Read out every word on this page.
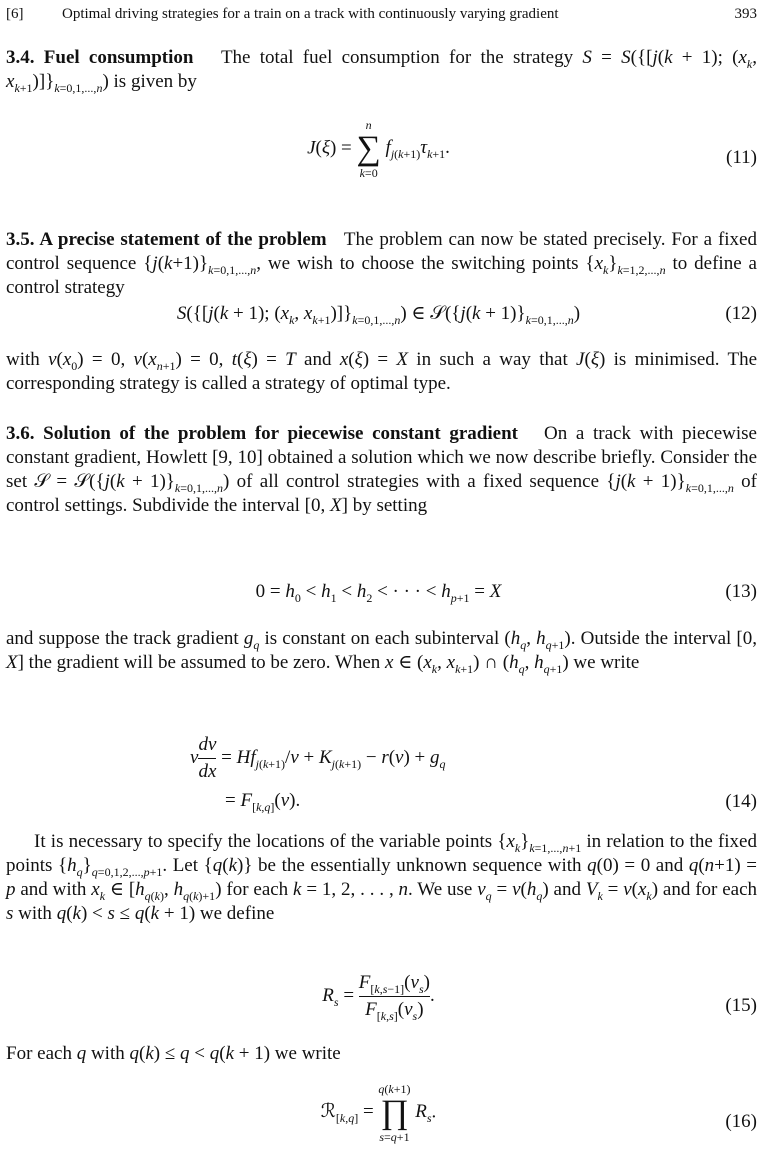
[6]	Optimal driving strategies for a train on a track with continuously varying gradient	393
3.4. Fuel consumption The total fuel consumption for the strategy S = S({[j(k + 1); ($x_k$, $x_{k+1})]\}_{k=0,1,...,n}$) is given by
J(ξ) =
n
∑
k=0
$f_{j(k+1)}\tau_{k+1}$.	(11)
3.5. A precise statement of the problem The problem can now be stated precisely. For a fixed control sequence $\{j(k+1)\}_{k=0,1,...,n}$, we wish to choose the switching points $\{x_k\}_{k=1,2,...,n}$ to define a control strategy
S({[j(k + 1); ($x_k$, $x_{k+1})]\}_{k=0,1,...,n}$) ∈ 𝒮({j(k + $1)\}_{k=0,1,...,n}$)	(12)
with $v(x_0) = 0$, $v(x_{n+1}) = 0$, t(ξ) = T and x(ξ) = X in such a way that J(ξ) is minimised. The corresponding strategy is called a strategy of optimal type.
3.6. Solution of the problem for piecewise constant gradient On a track with piecewise constant gradient, Howlett [9, 10] obtained a solution which we now describe briefly. Consider the set 𝒮 = 𝒮({j(k + $1)\}_{k=0,1,...,n}$) of all control strategies with a fixed sequence $\{j(k + 1)\}_{k=0,1,...,n}$ of control settings. Subdivide the interval [0, X] by setting
$0 = h_0 < h_1 < h_2$ < · · · < $h_{p+1} = X$	(13)
and suppose the track gradient $g_q$ is constant on each subinterval ($h_q$, $h_{q+1}$). Outside the interval [0, X] the gradient will be assumed to be zero. When x ∈ ($x_k$, $x_{k+1}$) ∩ ($h_q$, $h_{q+1}$) we write
v $\frac{dv}{dx} = Hf_{j(k+1)}/v + K_{j(k+1)} - r(v) + g_q$
= $F_{[k,q]}(v)$.	(14)
It is necessary to specify the locations of the variable points $\{x_k\}_{k=1,...,n+1}$ in relation to the fixed points $\{h_q\}_{q=0,1,2,...,p+1}$. Let {q(k)} be the essentially unknown sequence with q(0) = 0 and q(n+1) = p and with $x_k$ ∈ [$h_{q(k)}$, $h_{q(k)+1}$) for each k = 1, 2, . . . , n. We use $v_q = v(h_q)$ and $V_k = v(x_k)$ and for each s with q(k) < s ≤ q(k + 1) we define
$R_s = \frac{F_{[k,s-1]}(v_s)}{F_{[k,s]}(v_s)}$ .	(15)
For each q with q(k) ≤ q < q(k + 1) we write
ℛ$_{[k,q]}$ =
q(k+1)
∏
s=q+1
$R_s$.	(16)
